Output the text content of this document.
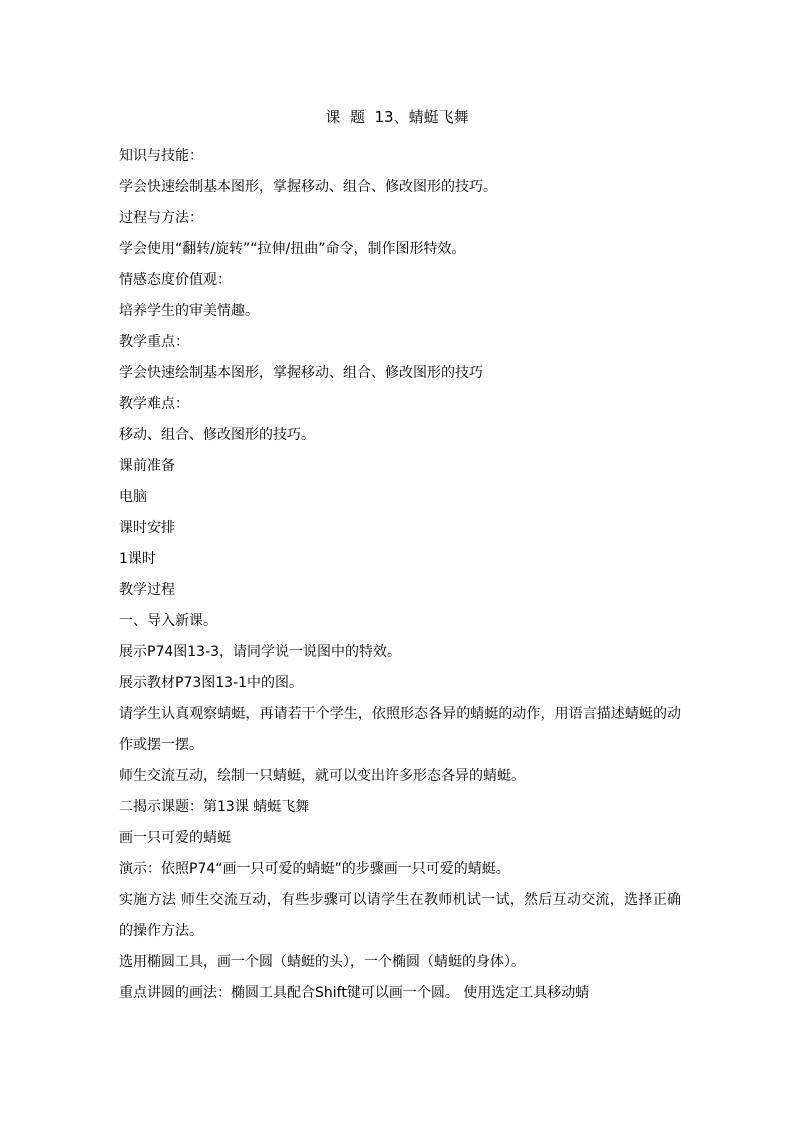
课  题  13、蜻蜓飞舞

知识与技能：

学会快速绘制基本图形，掌握移动、组合、修改图形的技巧。

过程与方法：

学会使用“翻转/旋转”“拉伸/扭曲”命令，制作图形特效。

情感态度价值观：

培养学生的审美情趣。

教学重点：

学会快速绘制基本图形，掌握移动、组合、修改图形的技巧

教学难点：

移动、组合、修改图形的技巧。

课前准备

电脑

课时安排

1课时

教学过程

一、导入新课。

展示P74图13-3，请同学说一说图中的特效。

展示教材P73图13-1中的图。

请学生认真观察蜻蜓，再请若干个学生，依照形态各异的蜻蜓的动作，用语言描述蜻蜓的动作或摆一摆。

师生交流互动，绘制一只蜻蜓，就可以变出许多形态各异的蜻蜓。

二揭示课题：第13课 蜻蜓飞舞

画一只可爱的蜻蜓

演示：依照P74“画一只可爱的蜻蜓”的步骤画一只可爱的蜻蜓。

实施方法 师生交流互动，有些步骤可以请学生在教师机试一试，然后互动交流，选择正确的操作方法。

选用椭圆工具，画一个圆（蜻蜓的头），一个椭圆（蜻蜓的身体）。

重点讲圆的画法：椭圆工具配合Shift键可以画一个圆。 使用选定工具移动蜻
